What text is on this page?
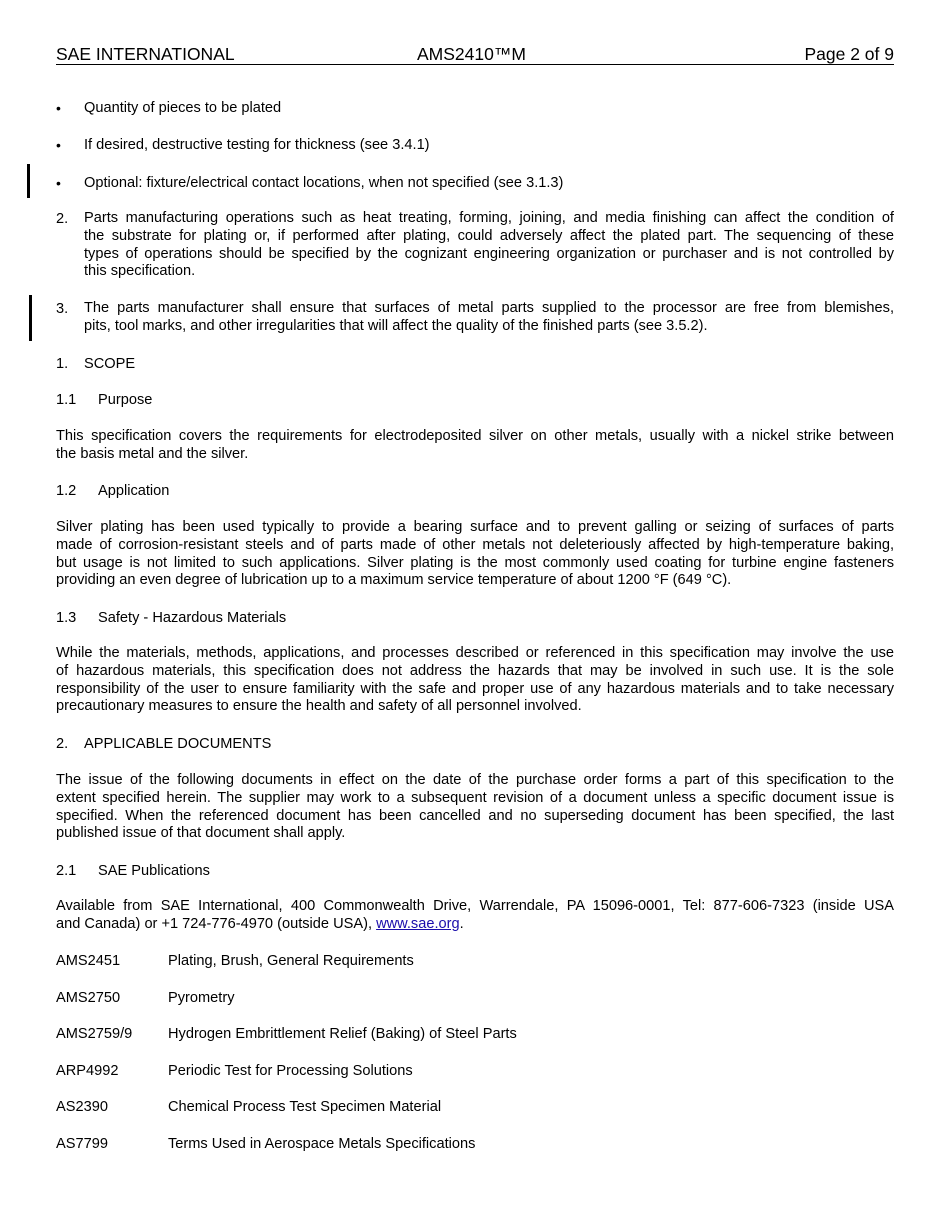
SAE INTERNATIONAL	AMS2410™M	Page 2 of 9
• Quantity of pieces to be plated
• If desired, destructive testing for thickness (see 3.4.1)
• Optional: fixture/electrical contact locations, when not specified (see 3.1.3)
2. Parts manufacturing operations such as heat treating, forming, joining, and media finishing can affect the condition of
the substrate for plating or, if performed after plating, could adversely affect the plated part. The sequencing of these
types of operations should be specified by the cognizant engineering organization or purchaser and is not controlled by
this specification.
3. The parts manufacturer shall ensure that surfaces of metal parts supplied to the processor are free from blemishes,
pits, tool marks, and other irregularities that will affect the quality of the finished parts (see 3.5.2).
1. SCOPE
1.1 Purpose
This specification covers the requirements for electrodeposited silver on other metals, usually with a nickel strike between
the basis metal and the silver.
1.2 Application
Silver plating has been used typically to provide a bearing surface and to prevent galling or seizing of surfaces of parts
made of corrosion-resistant steels and of parts made of other metals not deleteriously affected by high-temperature baking,
but usage is not limited to such applications. Silver plating is the most commonly used coating for turbine engine fasteners
providing an even degree of lubrication up to a maximum service temperature of about 1200 °F (649 °C).
1.3 Safety - Hazardous Materials
While the materials, methods, applications, and processes described or referenced in this specification may involve the use
of hazardous materials, this specification does not address the hazards that may be involved in such use. It is the sole
responsibility of the user to ensure familiarity with the safe and proper use of any hazardous materials and to take necessary
precautionary measures to ensure the health and safety of all personnel involved.
2. APPLICABLE DOCUMENTS
The issue of the following documents in effect on the date of the purchase order forms a part of this specification to the
extent specified herein. The supplier may work to a subsequent revision of a document unless a specific document issue is
specified. When the referenced document has been cancelled and no superseding document has been specified, the last
published issue of that document shall apply.
2.1 SAE Publications
Available from SAE International, 400 Commonwealth Drive, Warrendale, PA 15096-0001, Tel: 877-606-7323 (inside USA
and Canada) or +1 724-776-4970 (outside USA), www.sae.org.
AMS2451	Plating, Brush, General Requirements
AMS2750	Pyrometry
AMS2759/9 Hydrogen Embrittlement Relief (Baking) of Steel Parts
ARP4992	Periodic Test for Processing Solutions
AS2390	Chemical Process Test Specimen Material
AS7799	Terms Used in Aerospace Metals Specifications
